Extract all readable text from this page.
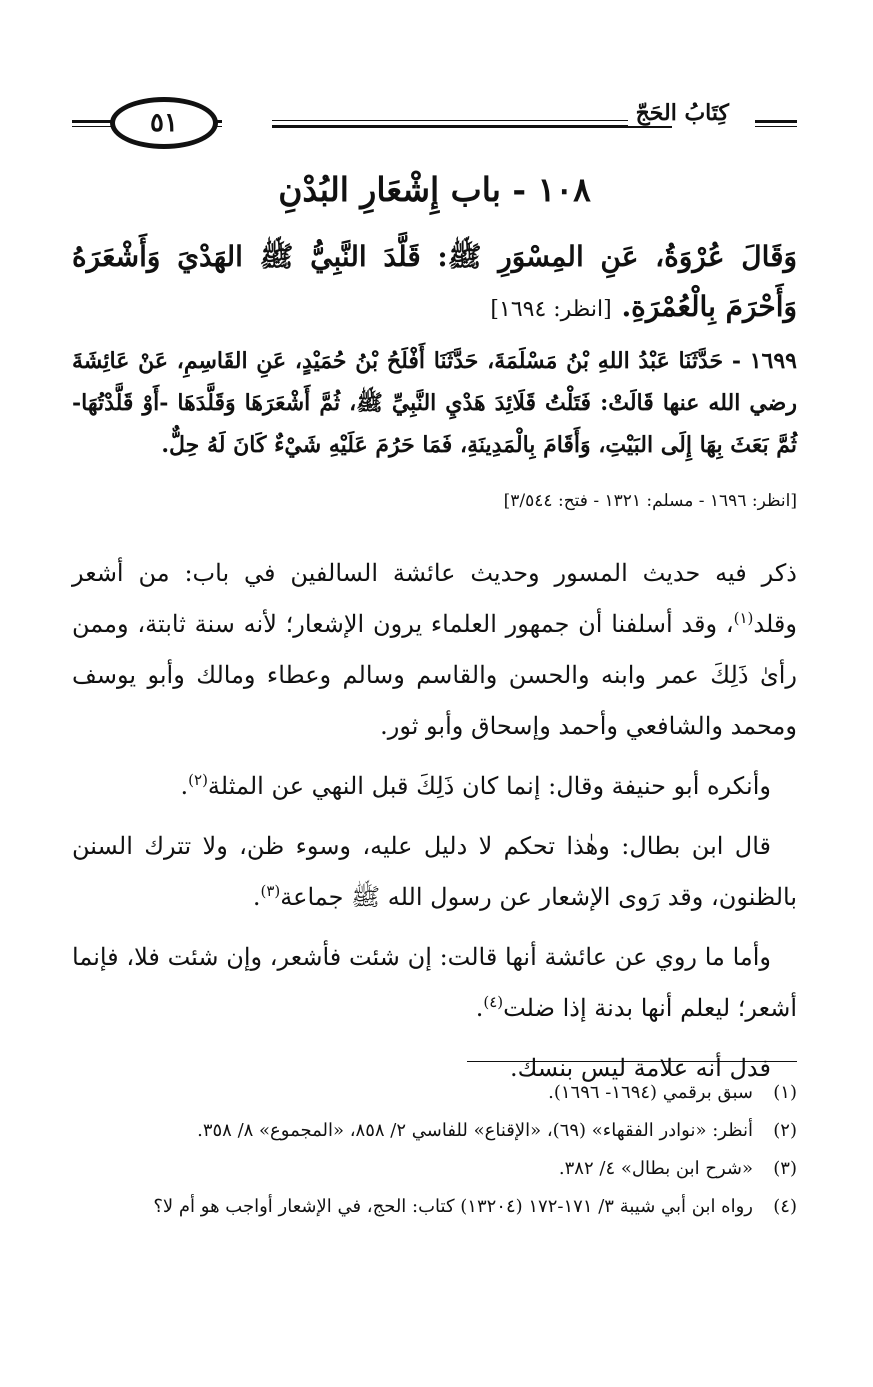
٥١	كِتَابُ الحَجّ
١٠٨ - باب إِشْعَارِ البُدْنِ
وَقَالَ عُرْوَةُ، عَنِ المِسْوَرِ ﷺ: قَلَّدَ النَّبِيُّ ﷺ الهَدْيَ وَأَشْعَرَهُ وَأَحْرَمَ بِالْعُمْرَةِ. [انظر: ١٦٩٤]
١٦٩٩ - حَدَّثَنَا عَبْدُ اللهِ بْنُ مَسْلَمَةَ، حَدَّثَنَا أَفْلَحُ بْنُ حُمَيْدٍ، عَنِ القَاسِمِ، عَنْ عَائِشَةَ رضي الله عنها قَالَتْ: فَتَلْتُ قَلَائِدَ هَدْيِ النَّبِيِّ ﷺ، ثُمَّ أَشْعَرَهَا وَقَلَّدَهَا -أَوْ قَلَّدْتُهَا- ثُمَّ بَعَثَ بِهَا إِلَى البَيْتِ، وَأَقَامَ بِالْمَدِينَةِ، فَمَا حَرُمَ عَلَيْهِ شَيْءٌ كَانَ لَهُ حِلٌّ.
[انظر: ١٦٩٦ - مسلم: ١٣٢١ - فتح: ٣/٥٤٤]

ذكر فيه حديث المسور وحديث عائشة السالفين في باب: من أشعر وقلد$^{(١)}$، وقد أسلفنا أن جمهور العلماء يرون الإشعار؛ لأنه سنة ثابتة، وممن رأىٰ ذَلِكَ عمر وابنه والحسن والقاسم وسالم وعطاء ومالك وأبو يوسف ومحمد والشافعي وأحمد وإسحاق وأبو ثور.

وأنكره أبو حنيفة وقال: إنما كان ذَلِكَ قبل النهي عن المثلة$^{(٢)}$.

قال ابن بطال: وهٰذا تحكم لا دليل عليه، وسوء ظن، ولا تترك السنن بالظنون، وقد رَوى الإشعار عن رسول الله ﷺ جماعة$^{(٣)}$.

وأما ما روي عن عائشة أنها قالت: إن شئت فأشعر، وإن شئت فلا، فإنما أشعر؛ ليعلم أنها بدنة إذا ضلت$^{(٤)}$.

فدل أنه علامة ليس بنسك.

(١)
سبق برقمي (١٦٩٤- ١٦٩٦).
(٢)
أنظر: «نوادر الفقهاء» (٦٩)، «الإقناع» للفاسي ٢/ ٨٥٨، «المجموع» ٨/ ٣٥٨.
(٣)
«شرح ابن بطال» ٤/ ٣٨٢.
(٤)
رواه ابن أبي شيبة ٣/ ١٧١-١٧٢ (١٣٢٠٤) كتاب: الحج، في الإشعار أواجب هو أم لا؟
